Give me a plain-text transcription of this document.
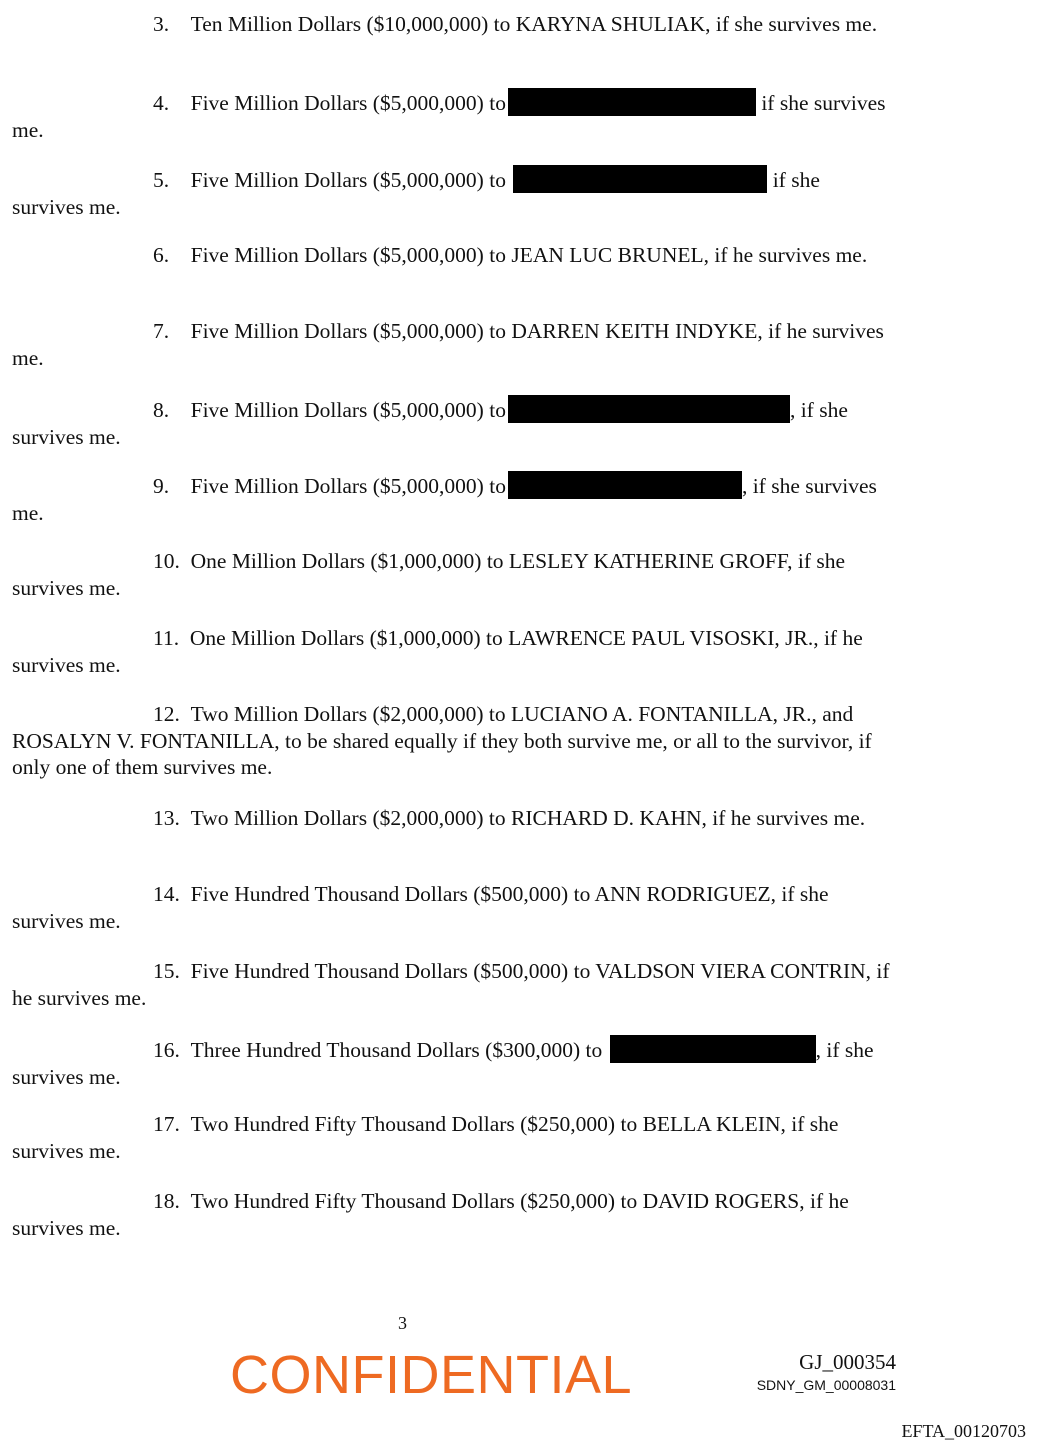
3. Ten Million Dollars ($10,000,000) to KARYNA SHULIAK, if she survives me.
4. Five Million Dollars ($5,000,000) to	if she survives me.
5. Five Million Dollars ($5,000,000) to	if she survives me.
6. Five Million Dollars ($5,000,000) to JEAN LUC BRUNEL, if he survives me.
7. Five Million Dollars ($5,000,000) to DARREN KEITH INDYKE, if he survives me.
8. Five Million Dollars ($5,000,000) to	, if she survives me.
9. Five Million Dollars ($5,000,000) to	, if she survives me.
10. One Million Dollars ($1,000,000) to LESLEY KATHERINE GROFF, if she survives me.
11. One Million Dollars ($1,000,000) to LAWRENCE PAUL VISOSKI, JR., if he survives me.
12. Two Million Dollars ($2,000,000) to LUCIANO A. FONTANILLA, JR., and ROSALYN V. FONTANILLA, to be shared equally if they both survive me, or all to the survivor, if only one of them survives me.
13. Two Million Dollars ($2,000,000) to RICHARD D. KAHN, if he survives me.
14. Five Hundred Thousand Dollars ($500,000) to ANN RODRIGUEZ, if she survives me.
15. Five Hundred Thousand Dollars ($500,000) to VALDSON VIERA CONTRIN, if he survives me.
16. Three Hundred Thousand Dollars ($300,000) to	, if she survives me.
17. Two Hundred Fifty Thousand Dollars ($250,000) to BELLA KLEIN, if she survives me.
18. Two Hundred Fifty Thousand Dollars ($250,000) to DAVID ROGERS, if he survives me.
3
CONFIDENTIAL	GJ_000354
SDNY_GM_00008031
EFTA_00120703
